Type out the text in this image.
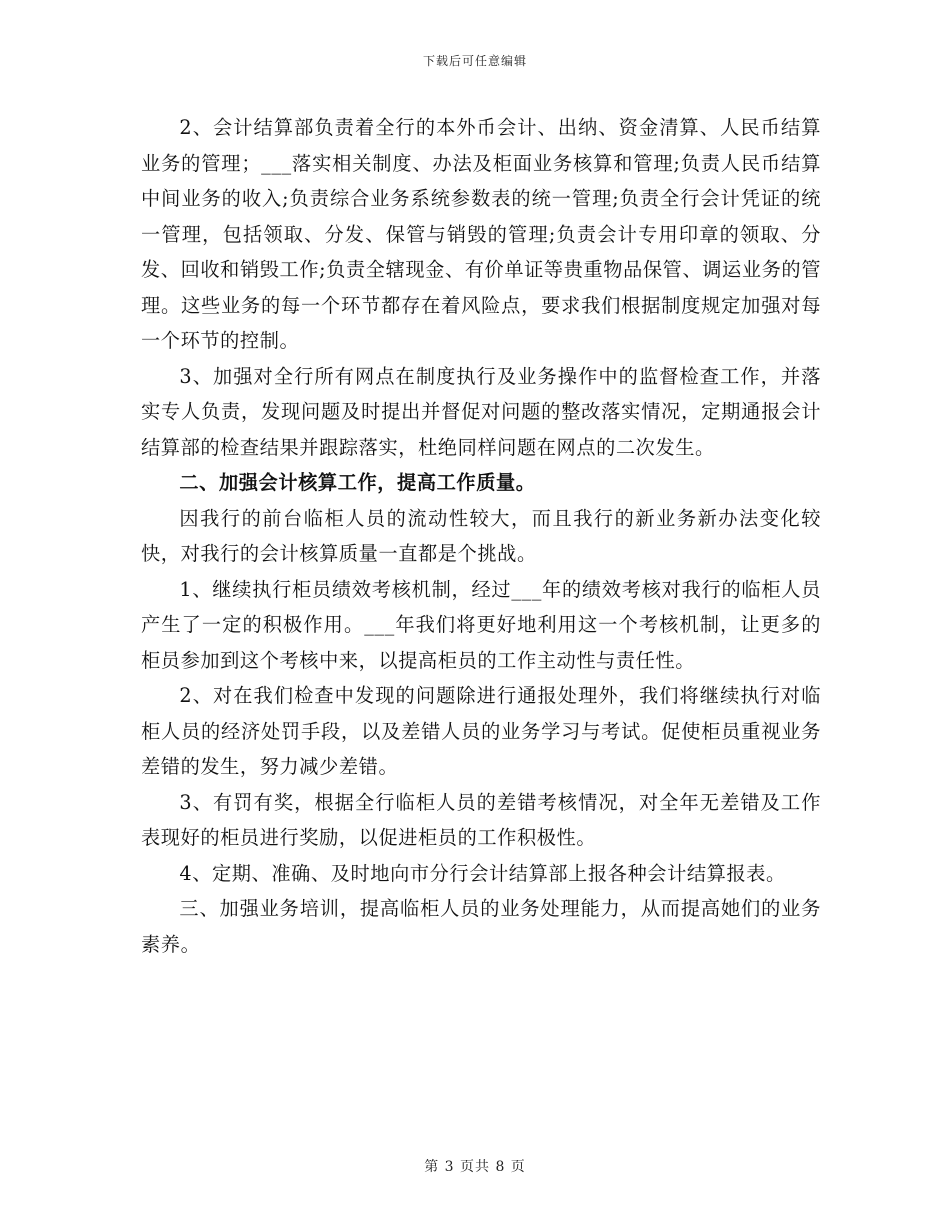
下载后可任意编辑

2、会计结算部负责着全行的本外币会计、出纳、资金清算、人民币结算业务的管理；___落实相关制度、办法及柜面业务核算和管理;负责人民币结算中间业务的收入;负责综合业务系统参数表的统一管理;负责全行会计凭证的统一管理，包括领取、分发、保管与销毁的管理;负责会计专用印章的领取、分发、回收和销毁工作;负责全辖现金、有价单证等贵重物品保管、调运业务的管理。这些业务的每一个环节都存在着风险点，要求我们根据制度规定加强对每一个环节的控制。

3、加强对全行所有网点在制度执行及业务操作中的监督检查工作，并落实专人负责，发现问题及时提出并督促对问题的整改落实情况，定期通报会计结算部的检查结果并跟踪落实，杜绝同样问题在网点的二次发生。

二、加强会计核算工作，提高工作质量。

因我行的前台临柜人员的流动性较大，而且我行的新业务新办法变化较快，对我行的会计核算质量一直都是个挑战。

1、继续执行柜员绩效考核机制，经过___年的绩效考核对我行的临柜人员产生了一定的积极作用。___年我们将更好地利用这一个考核机制，让更多的柜员参加到这个考核中来，以提高柜员的工作主动性与责任性。

2、对在我们检查中发现的问题除进行通报处理外，我们将继续执行对临柜人员的经济处罚手段，以及差错人员的业务学习与考试。促使柜员重视业务差错的发生，努力减少差错。

3、有罚有奖，根据全行临柜人员的差错考核情况，对全年无差错及工作表现好的柜员进行奖励，以促进柜员的工作积极性。

4、定期、准确、及时地向市分行会计结算部上报各种会计结算报表。

三、加强业务培训，提高临柜人员的业务处理能力，从而提高她们的业务素养。

第 3 页共 8 页
